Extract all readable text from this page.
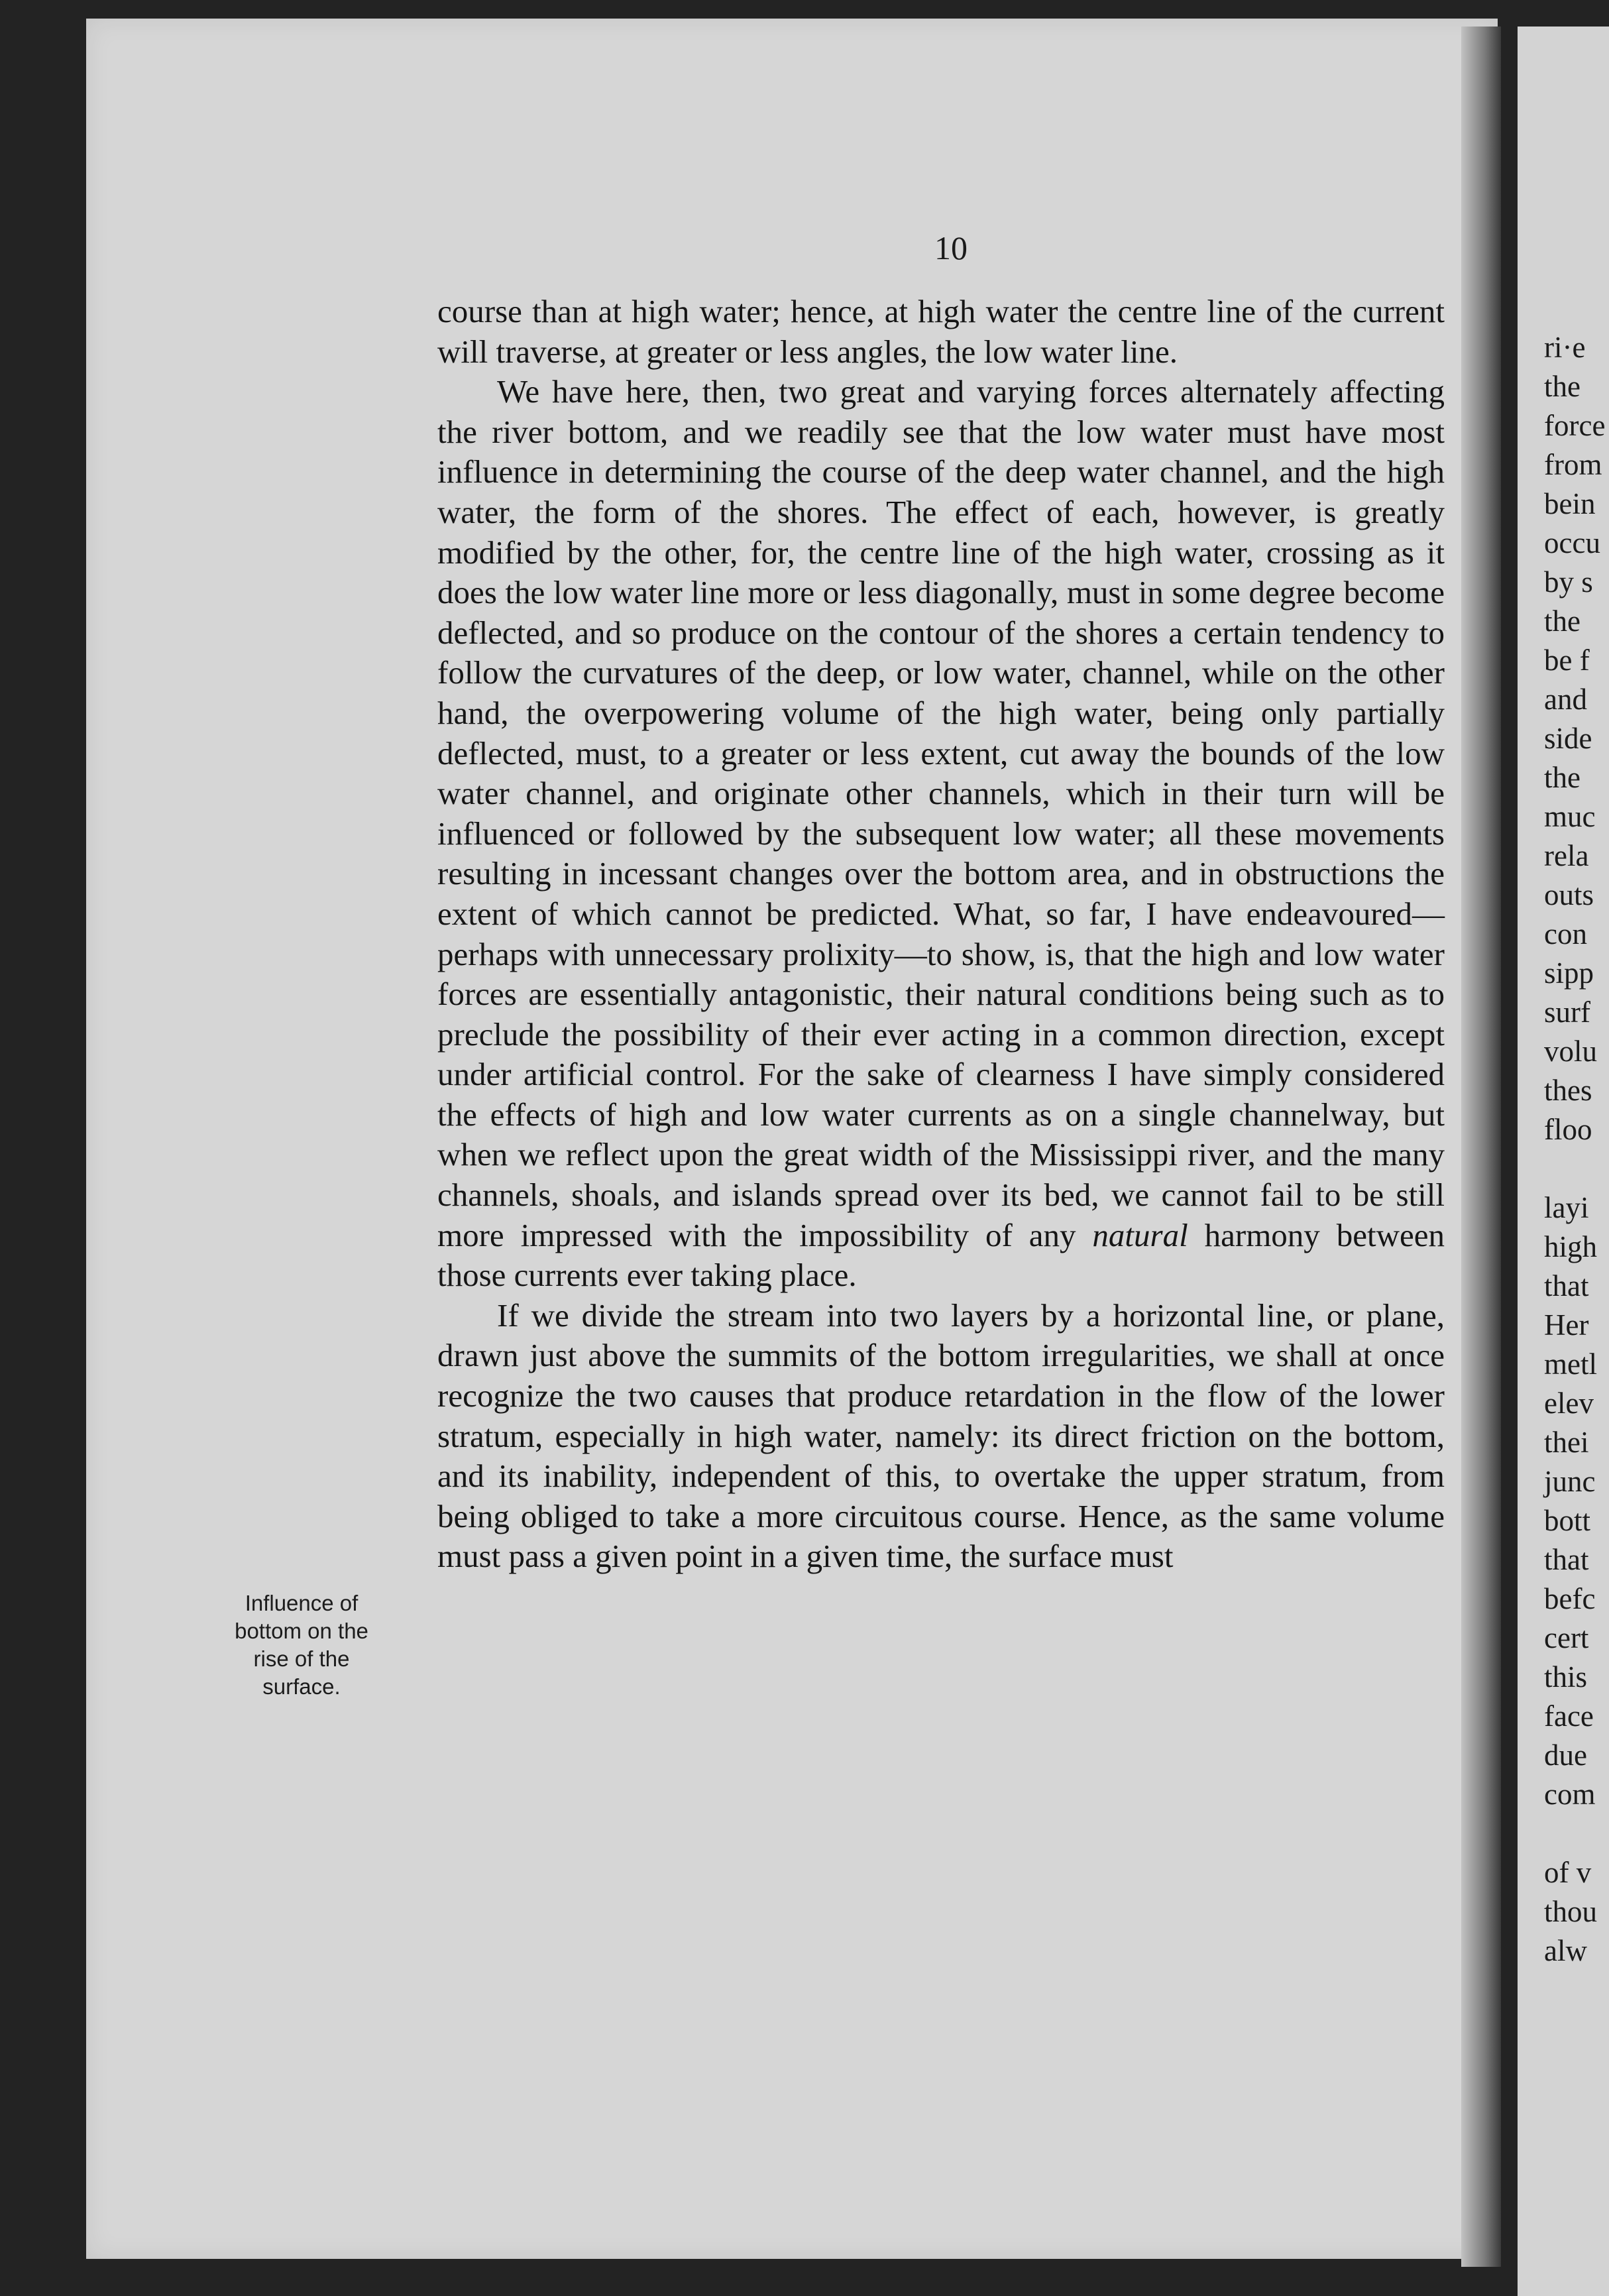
ri·e
the
force
from
bein
occu
by s
the
be f
and
side
the
muc
rela
outs
con
sipp
surf
volu
thes
floo

layi
high
that
Her
metl
elev
thei
junc
bott
that
befc
cert
this
face
due
com

of v
thou
alw
10

course than at high water; hence, at high water the centre line of the current will traverse, at greater or less angles, the low water line.

We have here, then, two great and varying forces alternately affecting the river bottom, and we readily see that the low water must have most influence in determining the course of the deep water channel, and the high water, the form of the shores. The effect of each, however, is greatly modified by the other, for, the centre line of the high water, crossing as it does the low water line more or less diagonally, must in some degree become deflected, and so produce on the contour of the shores a certain tendency to follow the curvatures of the deep, or low water, channel, while on the other hand, the overpowering volume of the high water, being only partially deflected, must, to a greater or less extent, cut away the bounds of the low water channel, and originate other channels, which in their turn will be influenced or followed by the subsequent low water; all these movements resulting in incessant changes over the bottom area, and in obstructions the extent of which cannot be predicted. What, so far, I have endeavoured—perhaps with unnecessary prolixity—to show, is, that the high and low water forces are essentially antagonistic, their natural conditions being such as to preclude the possibility of their ever acting in a common direction, except under artificial control. For the sake of clearness I have simply considered the effects of high and low water currents as on a single channelway, but when we reflect upon the great width of the Mississippi river, and the many channels, shoals, and islands spread over its bed, we cannot fail to be still more impressed with the impossibility of any natural harmony between those currents ever taking place.

If we divide the stream into two layers by a horizontal line, or plane, drawn just above the summits of the bottom irregularities, we shall at once recognize the two causes that produce retardation in the flow of the lower stratum, especially in high water, namely: its direct friction on the bottom, and its inability, independent of this, to overtake the upper stratum, from being obliged to take a more circuitous course. Hence, as the same volume must pass a given point in a given time, the surface must

Influence of bottom on the rise of the surface.
